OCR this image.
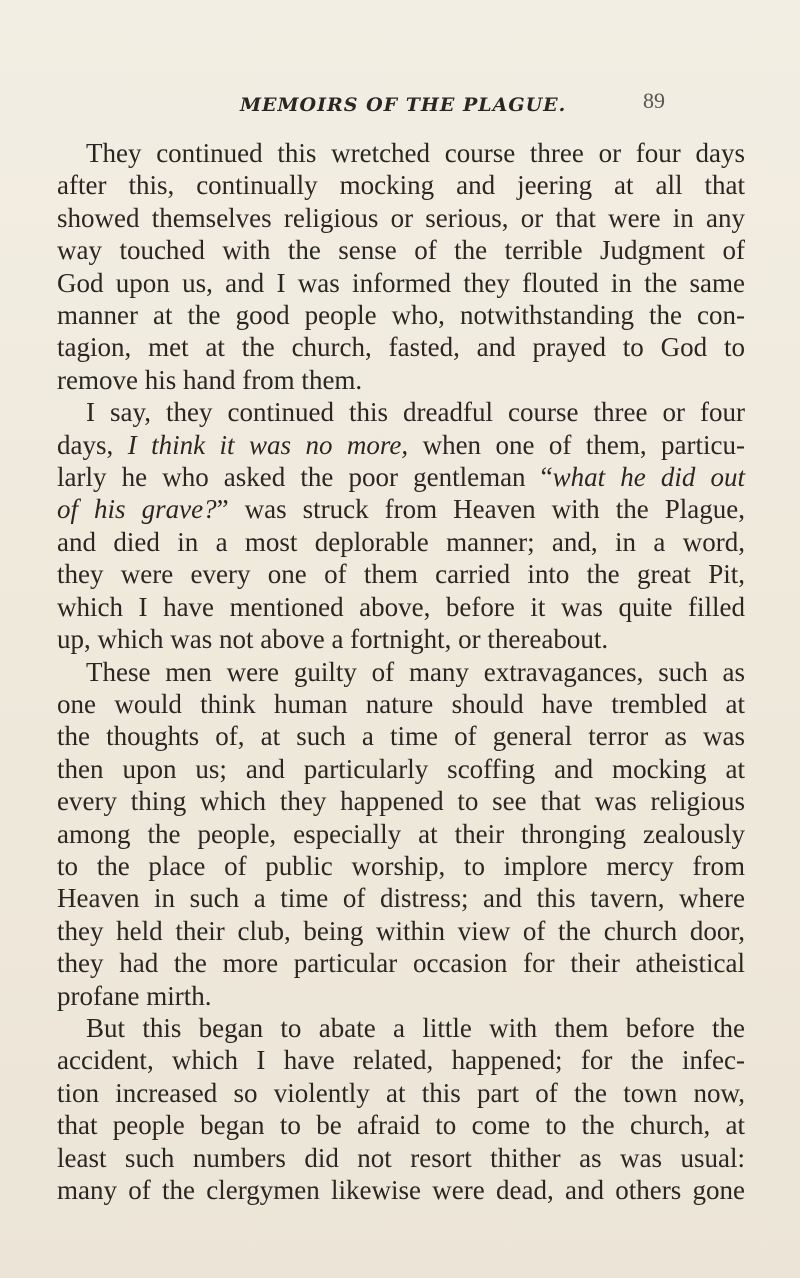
MEMOIRS OF THE PLAGUE.	89
They continued this wretched course three or four days
after this, continually mocking and jeering at all that
showed themselves religious or serious, or that were in any
way touched with the sense of the terrible Judgment of
God upon us, and I was informed they flouted in the same
manner at the good people who, notwithstanding the con-
tagion, met at the church, fasted, and prayed to God to
remove his hand from them.
I say, they continued this dreadful course three or four
days, I think it was no more, when one of them, particu-
larly he who asked the poor gentleman “what he did out
of his grave?” was struck from Heaven with the Plague,
and died in a most deplorable manner; and, in a word,
they were every one of them carried into the great Pit,
which I have mentioned above, before it was quite filled
up, which was not above a fortnight, or thereabout.
These men were guilty of many extravagances, such as
one would think human nature should have trembled at
the thoughts of, at such a time of general terror as was
then upon us; and particularly scoffing and mocking at
every thing which they happened to see that was religious
among the people, especially at their thronging zealously
to the place of public worship, to implore mercy from
Heaven in such a time of distress; and this tavern, where
they held their club, being within view of the church door,
they had the more particular occasion for their atheistical
profane mirth.
But this began to abate a little with them before the
accident, which I have related, happened; for the infec-
tion increased so violently at this part of the town now,
that people began to be afraid to come to the church, at
least such numbers did not resort thither as was usual:
many of the clergymen likewise were dead, and others gone
